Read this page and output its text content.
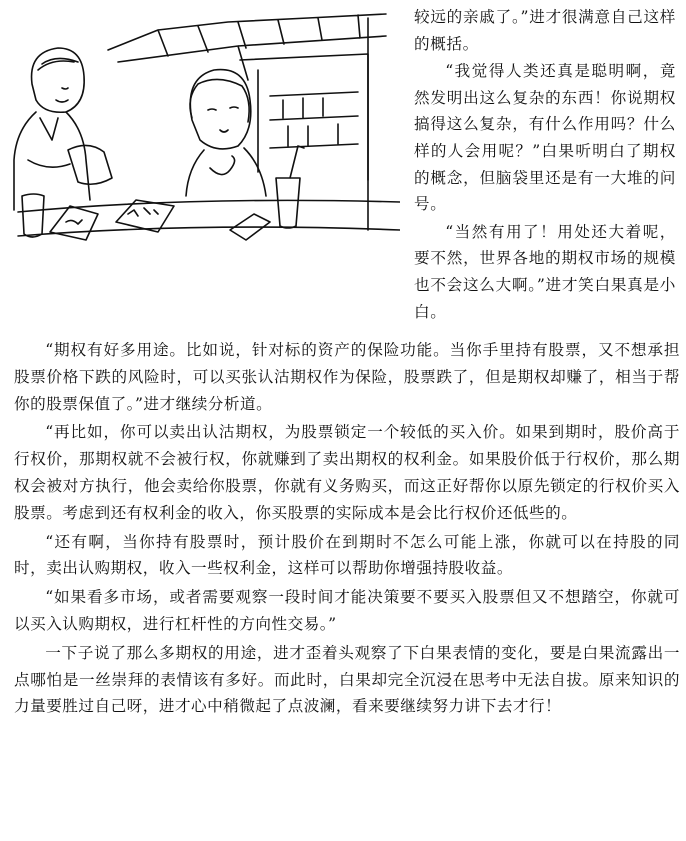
较远的亲戚了。”进才很满意自己这样的概括。

“我觉得人类还真是聪明啊，竟然发明出这么复杂的东西！你说期权搞得这么复杂，有什么作用吗？什么样的人会用呢？”白果听明白了期权的概念，但脑袋里还是有一大堆的问号。

“当然有用了！用处还大着呢，要不然，世界各地的期权市场的规模也不会这么大啊。”进才笑白果真是小白。

“期权有好多用途。比如说，针对标的资产的保险功能。当你手里持有股票，又不想承担股票价格下跌的风险时，可以买张认沽期权作为保险，股票跌了，但是期权却赚了，相当于帮你的股票保值了。”进才继续分析道。

“再比如，你可以卖出认沽期权，为股票锁定一个较低的买入价。如果到期时，股价高于行权价，那期权就不会被行权，你就赚到了卖出期权的权利金。如果股价低于行权价，那么期权会被对方执行，他会卖给你股票，你就有义务购买，而这正好帮你以原先锁定的行权价买入股票。考虑到还有权利金的收入，你买股票的实际成本是会比行权价还低些的。

“还有啊，当你持有股票时，预计股价在到期时不怎么可能上涨，你就可以在持股的同时，卖出认购期权，收入一些权利金，这样可以帮助你增强持股收益。

“如果看多市场，或者需要观察一段时间才能决策要不要买入股票但又不想踏空，你就可以买入认购期权，进行杠杆性的方向性交易。”

一下子说了那么多期权的用途，进才歪着头观察了下白果表情的变化，要是白果流露出一点哪怕是一丝崇拜的表情该有多好。而此时，白果却完全沉浸在思考中无法自拔。原来知识的力量要胜过自己呀，进才心中稍微起了点波澜，看来要继续努力讲下去才行！
